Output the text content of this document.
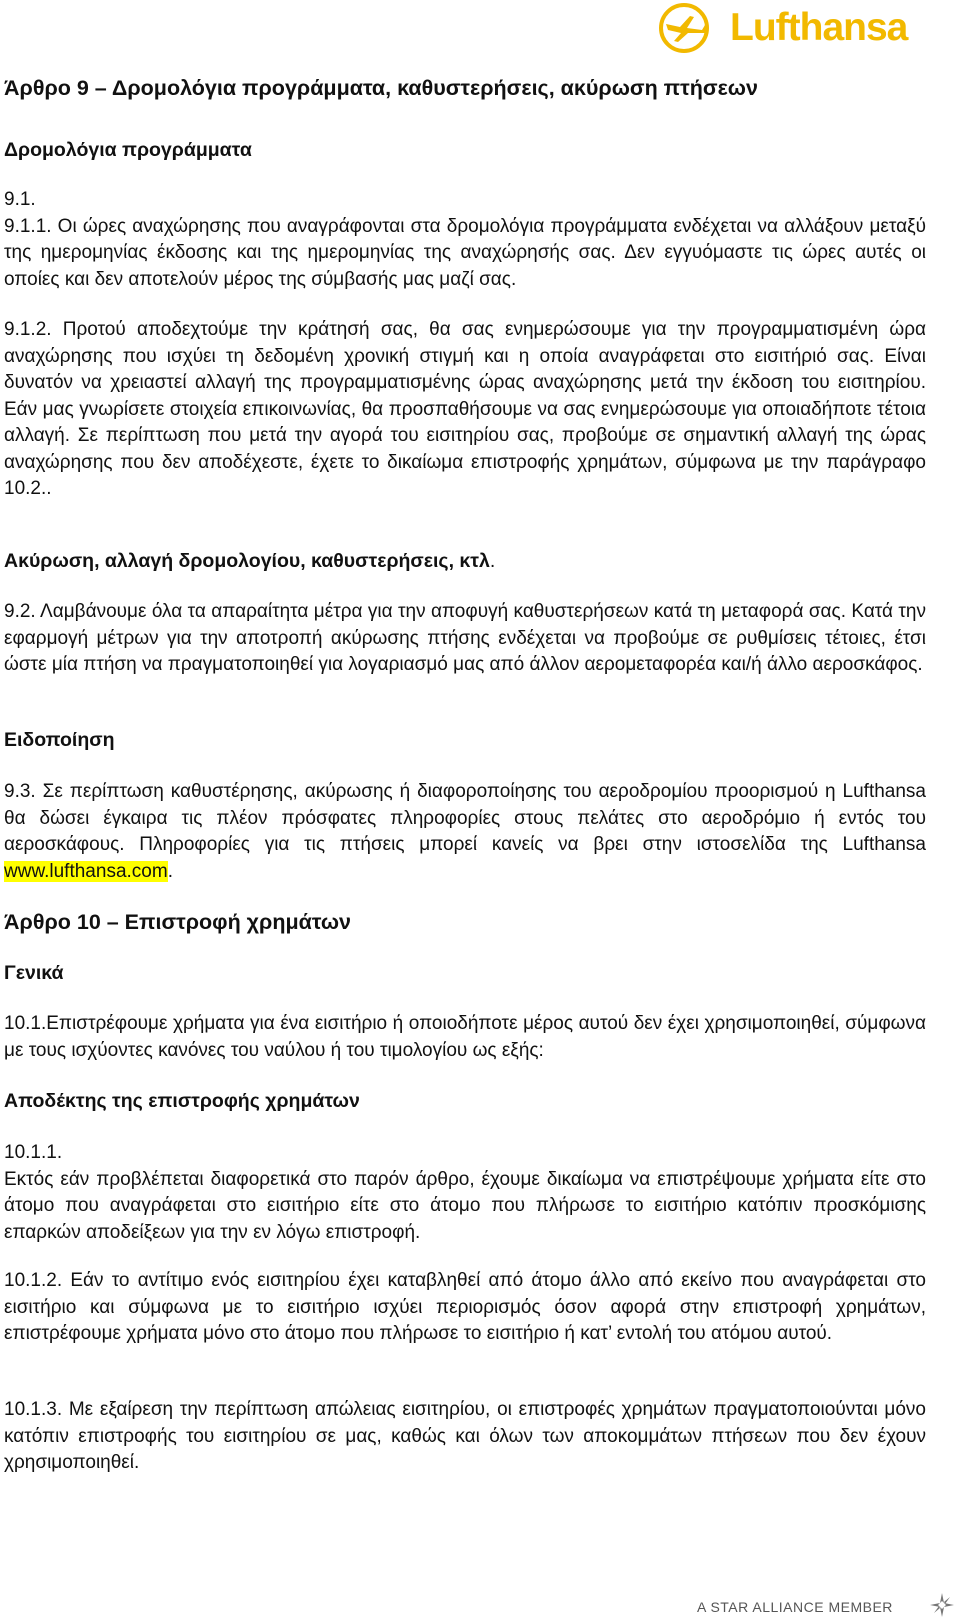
Lufthansa
Άρθρο 9 – Δρομολόγια προγράμματα, καθυστερήσεις, ακύρωση πτήσεων
Δρομολόγια προγράμματα
9.1.
9.1.1. Οι ώρες αναχώρησης που αναγράφονται στα δρομολόγια προγράμματα ενδέχεται να αλλάξουν μεταξύ της ημερομηνίας έκδοσης και της ημερομηνίας της αναχώρησής σας. Δεν εγγυόμαστε τις ώρες αυτές οι οποίες και δεν αποτελούν μέρος της σύμβασής μας μαζί σας.
9.1.2. Προτού αποδεχτούμε την κράτησή σας, θα σας ενημερώσουμε για την προγραμματισμένη ώρα αναχώρησης που ισχύει τη δεδομένη χρονική στιγμή και η οποία αναγράφεται στο εισιτήριό σας. Είναι δυνατόν να χρειαστεί αλλαγή της προγραμματισμένης ώρας αναχώρησης μετά την έκδοση του εισιτηρίου. Εάν μας γνωρίσετε στοιχεία επικοινωνίας, θα προσπαθήσουμε να σας ενημερώσουμε για οποιαδήποτε τέτοια αλλαγή. Σε περίπτωση που μετά την αγορά του εισιτηρίου σας, προβούμε σε σημαντική αλλαγή της ώρας αναχώρησης που δεν αποδέχεστε, έχετε το δικαίωμα επιστροφής χρημάτων, σύμφωνα με την παράγραφο 10.2..
Ακύρωση, αλλαγή δρομολογίου, καθυστερήσεις, κτλ.
9.2. Λαμβάνουμε όλα τα απαραίτητα μέτρα για την αποφυγή καθυστερήσεων κατά τη μεταφορά σας. Κατά την εφαρμογή μέτρων για την αποτροπή ακύρωσης πτήσης ενδέχεται να προβούμε σε ρυθμίσεις τέτοιες, έτσι ώστε μία πτήση να πραγματοποιηθεί για λογαριασμό μας από άλλον αερομεταφορέα και/ή άλλο αεροσκάφος.
Ειδοποίηση
9.3. Σε περίπτωση καθυστέρησης, ακύρωσης ή διαφοροποίησης του αεροδρομίου προορισμού η Lufthansa θα δώσει έγκαιρα τις πλέον πρόσφατες πληροφορίες στους πελάτες στο αεροδρόμιο ή εντός του αεροσκάφους. Πληροφορίες για τις πτήσεις μπορεί κανείς να βρει στην ιστοσελίδα της Lufthansa www.lufthansa.com.
Άρθρο 10 – Επιστροφή χρημάτων
Γενικά
10.1.Επιστρέφουμε χρήματα για ένα εισιτήριο ή οποιοδήποτε μέρος αυτού δεν έχει χρησιμοποιηθεί, σύμφωνα με τους ισχύοντες κανόνες του ναύλου ή του τιμολογίου ως εξής:
Αποδέκτης της επιστροφής χρημάτων
10.1.1.
Εκτός εάν προβλέπεται διαφορετικά στο παρόν άρθρο, έχουμε δικαίωμα να επιστρέψουμε χρήματα είτε στο άτομο που αναγράφεται στο εισιτήριο είτε στο άτομο που πλήρωσε το εισιτήριο κατόπιν προσκόμισης επαρκών αποδείξεων για την εν λόγω επιστροφή.
10.1.2. Εάν το αντίτιμο ενός εισιτηρίου έχει καταβληθεί από άτομο άλλο από εκείνο που αναγράφεται στο εισιτήριο και σύμφωνα με το εισιτήριο ισχύει περιορισμός όσον αφορά στην επιστροφή χρημάτων, επιστρέφουμε χρήματα μόνο στο άτομο που πλήρωσε το εισιτήριο ή κατ’ εντολή του ατόμου αυτού.
10.1.3. Με εξαίρεση την περίπτωση απώλειας εισιτηρίου, οι επιστροφές χρημάτων πραγματοποιούνται μόνο κατόπιν επιστροφής του εισιτηρίου σε μας, καθώς και όλων των αποκομμάτων πτήσεων που δεν έχουν χρησιμοποιηθεί.
A STAR ALLIANCE MEMBER
